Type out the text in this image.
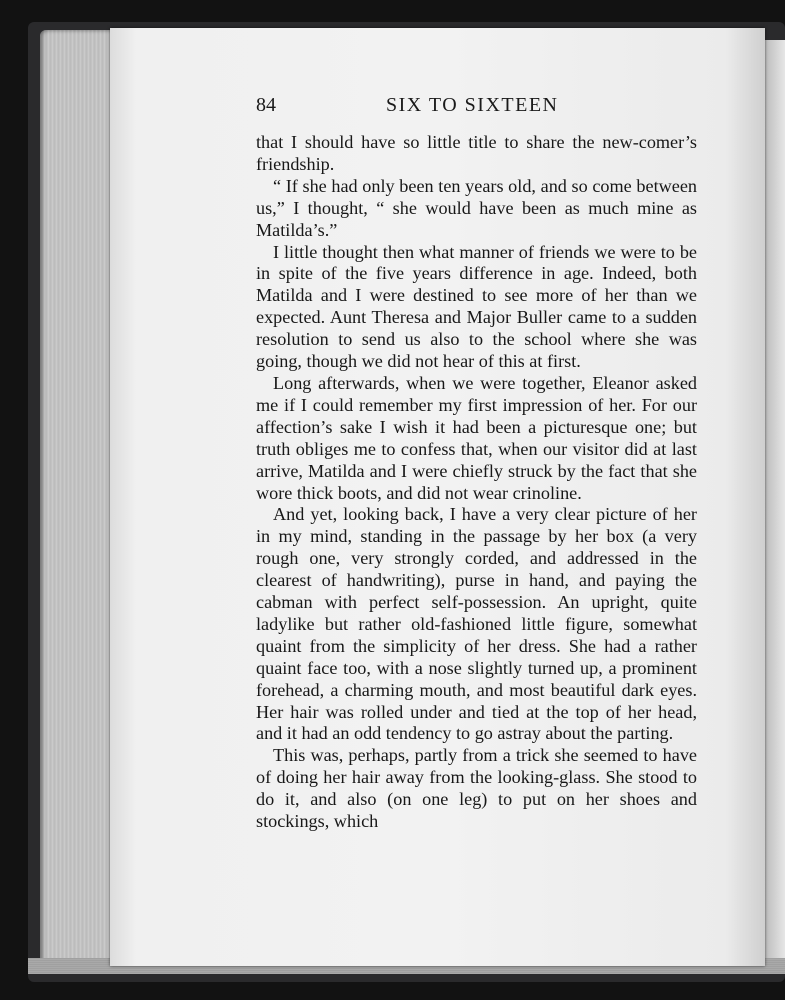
84	SIX TO SIXTEEN

that I should have so little title to share the new-comer’s friendship.

“ If she had only been ten years old, and so come between us,” I thought, “ she would have been as much mine as Matilda’s.”

I little thought then what manner of friends we were to be in spite of the five years difference in age. Indeed, both Matilda and I were destined to see more of her than we expected. Aunt Theresa and Major Buller came to a sudden resolution to send us also to the school where she was going, though we did not hear of this at first.

Long afterwards, when we were together, Eleanor asked me if I could remember my first impression of her. For our affection’s sake I wish it had been a picturesque one; but truth obliges me to confess that, when our visitor did at last arrive, Matilda and I were chiefly struck by the fact that she wore thick boots, and did not wear crinoline.

And yet, looking back, I have a very clear picture of her in my mind, standing in the passage by her box (a very rough one, very strongly corded, and addressed in the clearest of handwriting), purse in hand, and paying the cabman with perfect self-possession. An upright, quite ladylike but rather old-fashioned little figure, somewhat quaint from the simplicity of her dress. She had a rather quaint face too, with a nose slightly turned up, a prominent forehead, a charming mouth, and most beautiful dark eyes. Her hair was rolled under and tied at the top of her head, and it had an odd tendency to go astray about the parting.

This was, perhaps, partly from a trick she seemed to have of doing her hair away from the looking-glass. She stood to do it, and also (on one leg) to put on her shoes and stockings, which
